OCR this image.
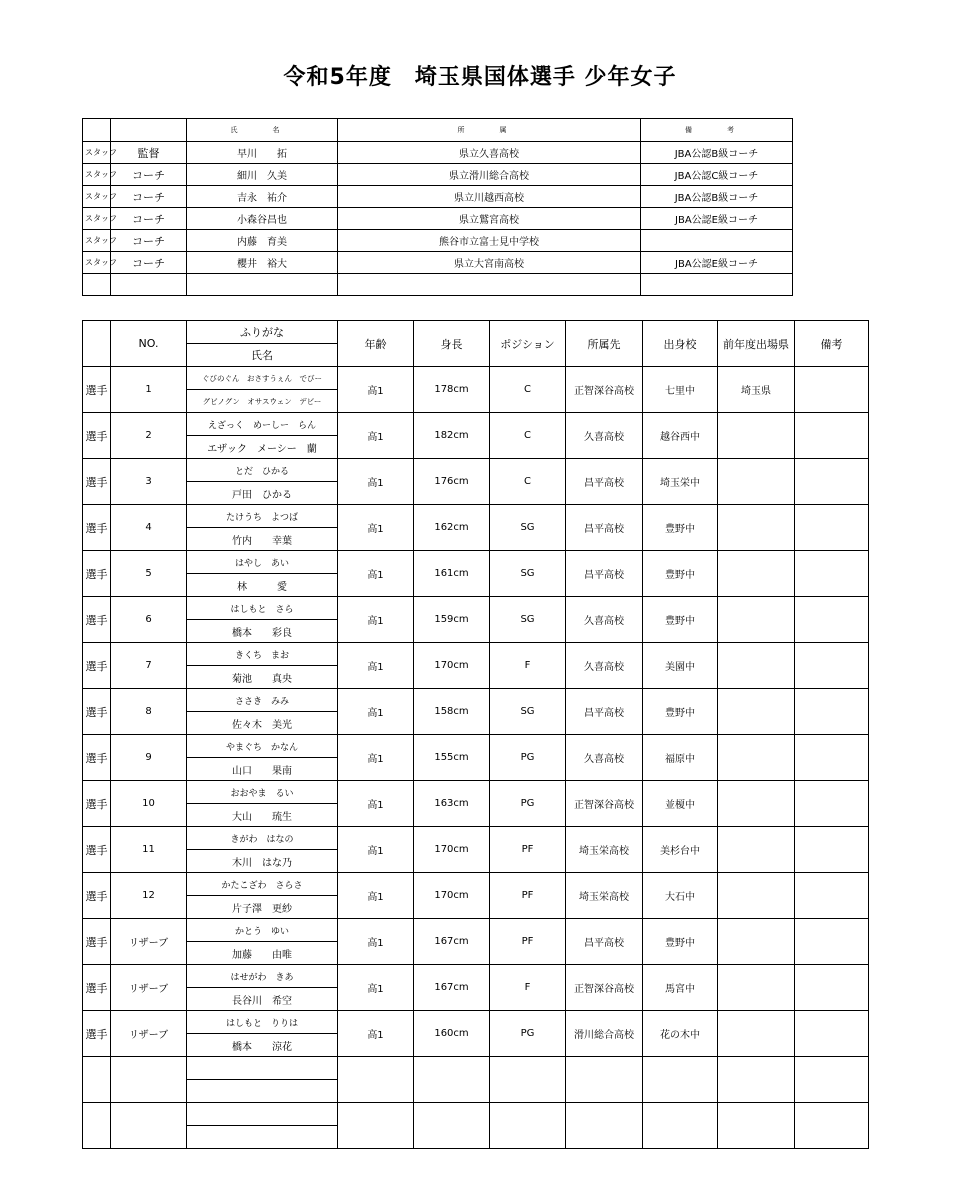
令和5年度　埼玉県国体選手 少年女子
		氏　名	所　属	備　考
スタッフ	監督	早川　　拓	県立久喜高校	JBA公認B級コーチ
スタッフ	コーチ	細川　久美	県立滑川総合高校	JBA公認C級コーチ
スタッフ	コーチ	吉永　祐介	県立川越西高校	JBA公認B級コーチ
スタッフ	コーチ	小森谷昌也	県立鷲宮高校	JBA公認E級コーチ
スタッフ	コーチ	内藤　育美	熊谷市立富士見中学校	
スタッフ	コーチ	櫻井　裕大	県立大宮南高校	JBA公認E級コーチ

	NO.	ふりがな	年齢	身長	ポジション	所属先	出身校	前年度出場県	備考
		氏名							
選手	1	ぐびのぐん　おさすうぇん　でびー	高1	178cm	C	正智深谷高校	七里中	埼玉県	
		グビノグン　オサスウェン　デビー							
選手	2	えざっく　めーしー　らん	高1	182cm	C	久喜高校	越谷西中		
		エザック　メーシー　蘭							
選手	3	とだ　ひかる	高1	176cm	C	昌平高校	埼玉栄中		
		戸田　ひかる							
選手	4	たけうち　よつば	高1	162cm	SG	昌平高校	豊野中		
		竹内　　幸葉							
選手	5	はやし　あい	高1	161cm	SG	昌平高校	豊野中		
		林　　　愛							
選手	6	はしもと　さら	高1	159cm	SG	久喜高校	豊野中		
		橋本　　彩良							
選手	7	きくち　まお	高1	170cm	F	久喜高校	美園中		
		菊池　　真央							
選手	8	ささき　みみ	高1	158cm	SG	昌平高校	豊野中		
		佐々木　美光							
選手	9	やまぐち　かなん	高1	155cm	PG	久喜高校	福原中		
		山口　　果南							
選手	10	おおやま　るい	高1	163cm	PG	正智深谷高校	並榎中		
		大山　　琉生							
選手	11	きがわ　はなの	高1	170cm	PF	埼玉栄高校	美杉台中		
		木川　はな乃							
選手	12	かたこざわ　さらさ	高1	170cm	PF	埼玉栄高校	大石中		
		片子澤　更紗							
選手	リザーブ	かとう　ゆい	高1	167cm	PF	昌平高校	豊野中		
		加藤　　由唯							
選手	リザーブ	はせがわ　きあ	高1	167cm	F	正智深谷高校	馬宮中		
		長谷川　希空							
選手	リザーブ	はしもと　りりは	高1	160cm	PG	滑川総合高校	花の木中		
		橋本　　涼花							
